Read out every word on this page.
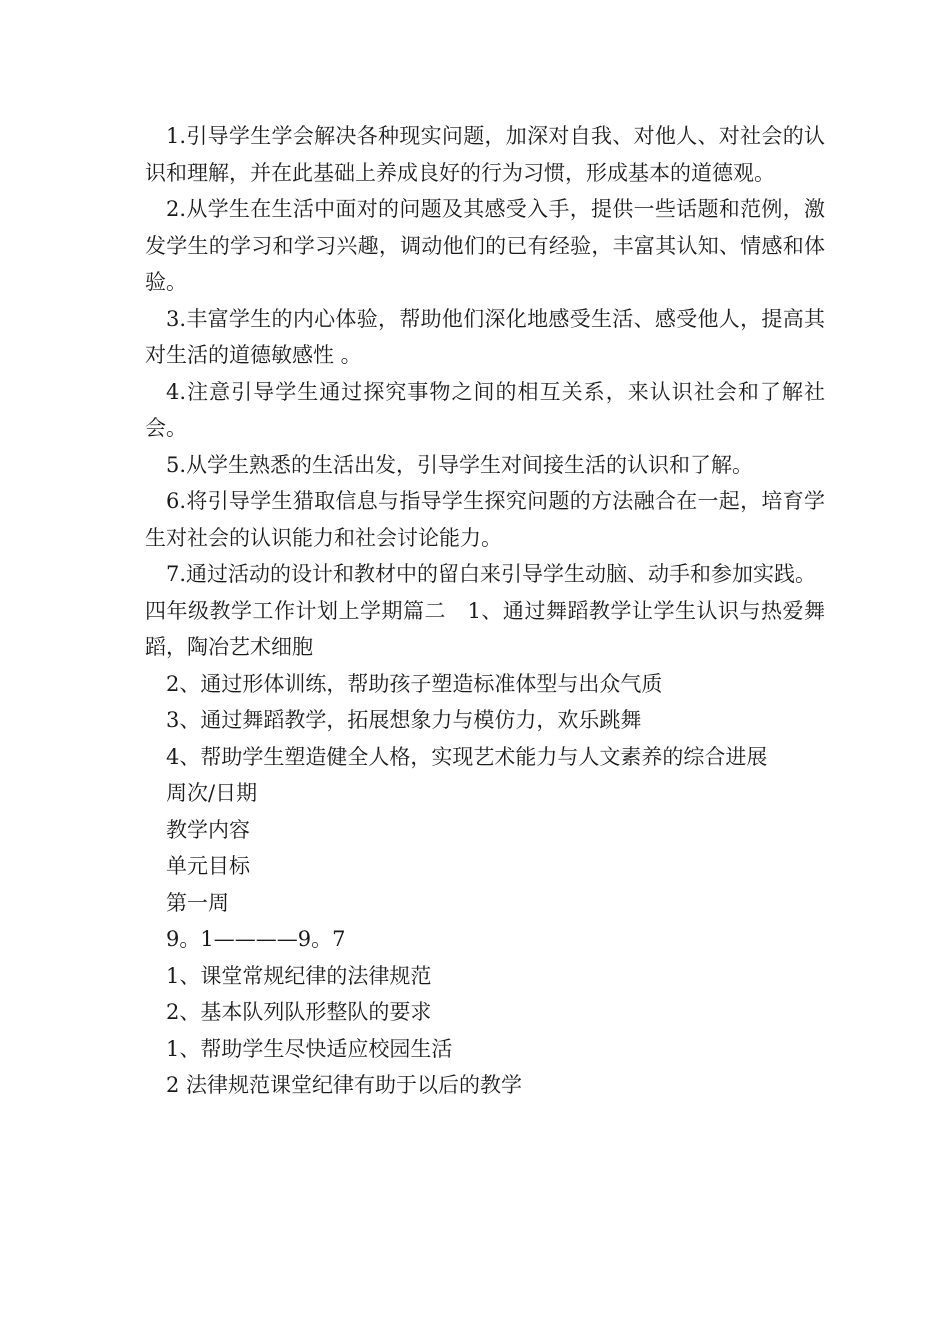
1.引导学生学会解决各种现实问题，加深对自我、对他人、对社会的认识和理解，并在此基础上养成良好的行为习惯，形成基本的道德观。

2.从学生在生活中面对的问题及其感受入手，提供一些话题和范例，激发学生的学习和学习兴趣，调动他们的已有经验，丰富其认知、情感和体验。

3.丰富学生的内心体验，帮助他们深化地感受生活、感受他人，提高其对生活的道德敏感性 。

4.注意引导学生通过探究事物之间的相互关系，来认识社会和了解社会。

5.从学生熟悉的生活出发，引导学生对间接生活的认识和了解。

6.将引导学生猎取信息与指导学生探究问题的方法融合在一起，培育学生对社会的认识能力和社会讨论能力。

7.通过活动的设计和教材中的留白来引导学生动脑、动手和参加实践。

四年级教学工作计划上学期篇二　1、通过舞蹈教学让学生认识与热爱舞蹈，陶冶艺术细胞

2、通过形体训练，帮助孩子塑造标准体型与出众气质

3、通过舞蹈教学，拓展想象力与模仿力，欢乐跳舞

4、帮助学生塑造健全人格，实现艺术能力与人文素养的综合进展

周次/日期

教学内容

单元目标

第一周

9。1————9。7

1、课堂常规纪律的法律规范

2、基本队列队形整队的要求

1、帮助学生尽快适应校园生活

2 法律规范课堂纪律有助于以后的教学
